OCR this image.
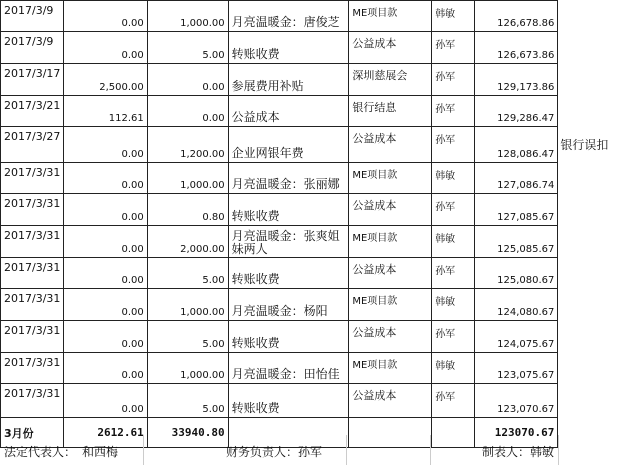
2017/3/9	0.00	1,000.00	月亮温暖金：唐俊芝	ME项目款	韩敏	126,678.86	
2017/3/9	0.00	5.00	转账收费	公益成本	孙军	126,673.86	
2017/3/17	2,500.00	0.00	参展费用补贴	深圳慈展会	孙军	129,173.86	
2017/3/21	112.61	0.00	公益成本	银行结息	孙军	129,286.47	
2017/3/27	0.00	1,200.00	企业网银年费	公益成本	孙军	128,086.47	银行误扣
2017/3/31	0.00	1,000.00	月亮温暖金：张丽娜	ME项目款	韩敏	127,086.74	
2017/3/31	0.00	0.80	转账收费	公益成本	孙军	127,085.67	
2017/3/31	0.00	2,000.00	月亮温暖金：张爽姐妹两人	ME项目款	韩敏	125,085.67	
2017/3/31	0.00	5.00	转账收费	公益成本	孙军	125,080.67	
2017/3/31	0.00	1,000.00	月亮温暖金：杨阳	ME项目款	韩敏	124,080.67	
2017/3/31	0.00	5.00	转账收费	公益成本	孙军	124,075.67	
2017/3/31	0.00	1,000.00	月亮温暖金：田怡佳	ME项目款	韩敏	123,075.67	
2017/3/31	0.00	5.00	转账收费	公益成本	孙军	123,070.67	
3月份	2612.61	33940.80				123070.67	
法定代表人：　和西梅	财务负责人：孙军	制表人：韩敏
